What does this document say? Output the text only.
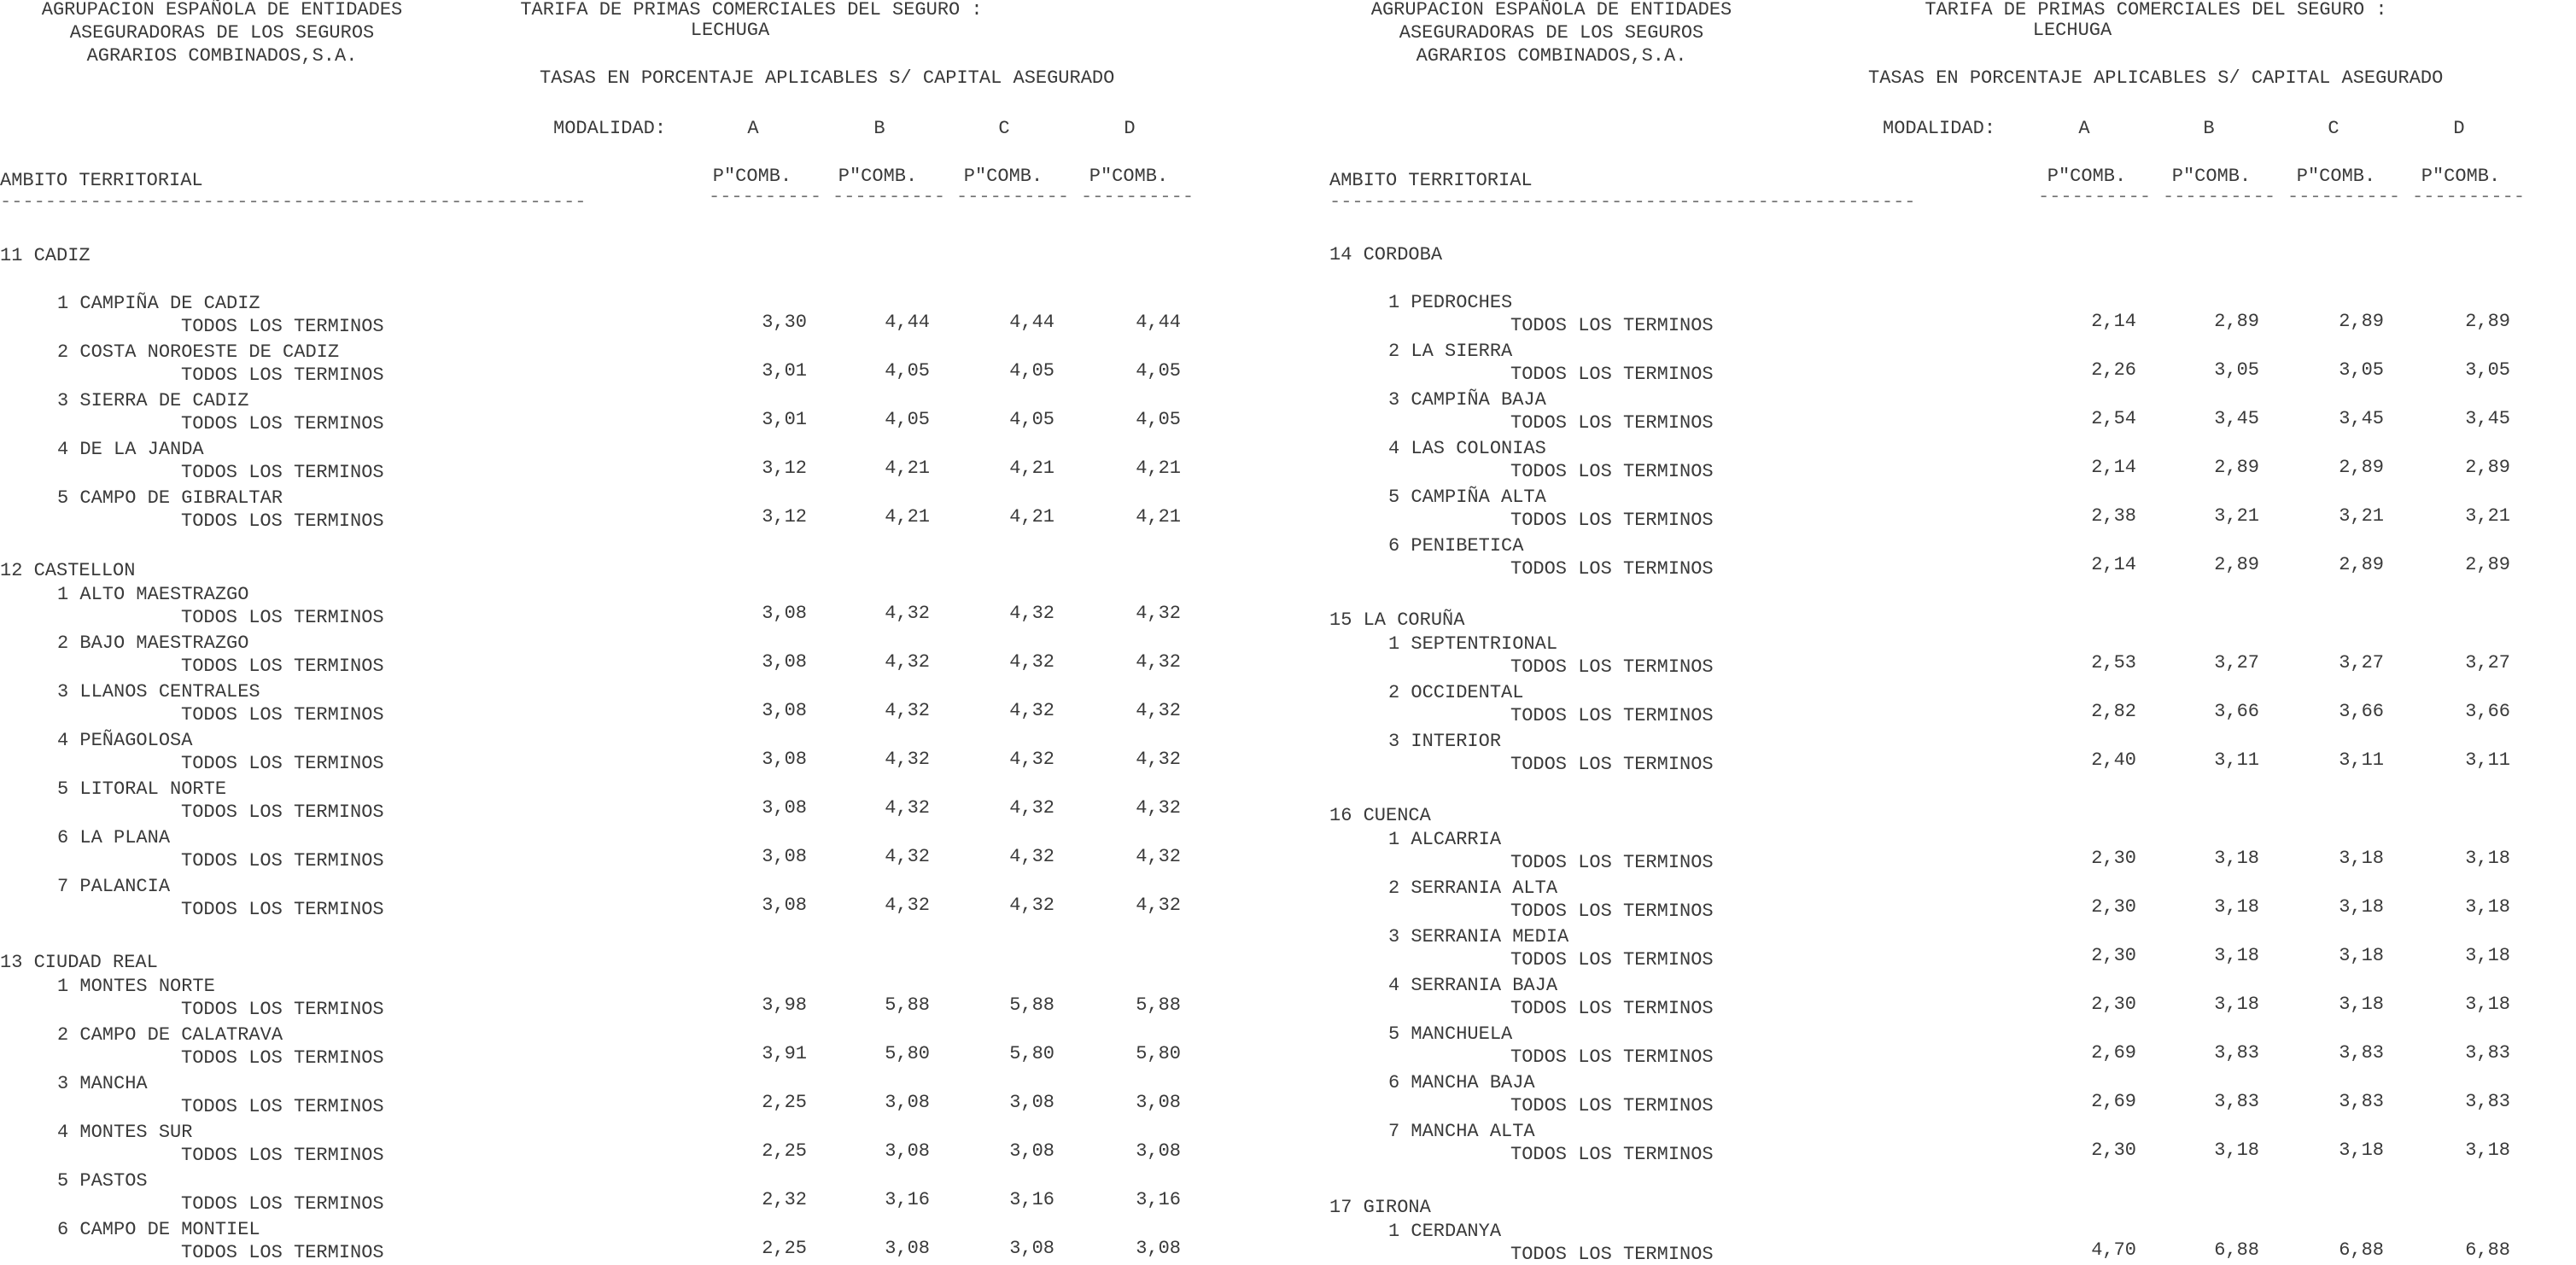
AGRUPACION ESPAÑOLA DE ENTIDADES
ASEGURADORAS DE LOS SEGUROS
AGRARIOS COMBINADOS,S.A.
TARIFA DE PRIMAS COMERCIALES DEL SEGURO :
LECHUGA
TASAS EN PORCENTAJE APLICABLES S/ CAPITAL ASEGURADO
MODALIDAD:	A	B	C	D
AMBITO TERRITORIAL	P"COMB.	P"COMB.	P"COMB.	P"COMB.
----------------------------------------------------	---------- ---------- ---------- ----------
11 CADIZ
1 CAMPIÑA DE CADIZ
TODOS LOS TERMINOS	3,30	4,44	4,44	4,44
2 COSTA NOROESTE DE CADIZ
TODOS LOS TERMINOS	3,01	4,05	4,05	4,05
3 SIERRA DE CADIZ
TODOS LOS TERMINOS	3,01	4,05	4,05	4,05
4 DE LA JANDA
TODOS LOS TERMINOS	3,12	4,21	4,21	4,21
5 CAMPO DE GIBRALTAR
TODOS LOS TERMINOS	3,12	4,21	4,21	4,21
12 CASTELLON
1 ALTO MAESTRAZGO
TODOS LOS TERMINOS	3,08	4,32	4,32	4,32
2 BAJO MAESTRAZGO
TODOS LOS TERMINOS	3,08	4,32	4,32	4,32
3 LLANOS CENTRALES
TODOS LOS TERMINOS	3,08	4,32	4,32	4,32
4 PEÑAGOLOSA
TODOS LOS TERMINOS	3,08	4,32	4,32	4,32
5 LITORAL NORTE
TODOS LOS TERMINOS	3,08	4,32	4,32	4,32
6 LA PLANA
TODOS LOS TERMINOS	3,08	4,32	4,32	4,32
7 PALANCIA
TODOS LOS TERMINOS	3,08	4,32	4,32	4,32
13 CIUDAD REAL
1 MONTES NORTE
TODOS LOS TERMINOS	3,98	5,88	5,88	5,88
2 CAMPO DE CALATRAVA
TODOS LOS TERMINOS	3,91	5,80	5,80	5,80
3 MANCHA
TODOS LOS TERMINOS	2,25	3,08	3,08	3,08
4 MONTES SUR
TODOS LOS TERMINOS	2,25	3,08	3,08	3,08
5 PASTOS
TODOS LOS TERMINOS	2,32	3,16	3,16	3,16
6 CAMPO DE MONTIEL
TODOS LOS TERMINOS	2,25	3,08	3,08	3,08
AGRUPACION ESPAÑOLA DE ENTIDADES
ASEGURADORAS DE LOS SEGUROS
AGRARIOS COMBINADOS,S.A.
TARIFA DE PRIMAS COMERCIALES DEL SEGURO :
LECHUGA
TASAS EN PORCENTAJE APLICABLES S/ CAPITAL ASEGURADO
MODALIDAD:	A	B	C	D
AMBITO TERRITORIAL	P"COMB.	P"COMB.	P"COMB.	P"COMB.
----------------------------------------------------	---------- ---------- ---------- ----------
14 CORDOBA
1 PEDROCHES
TODOS LOS TERMINOS	2,14	2,89	2,89	2,89
2 LA SIERRA
TODOS LOS TERMINOS	2,26	3,05	3,05	3,05
3 CAMPIÑA BAJA
TODOS LOS TERMINOS	2,54	3,45	3,45	3,45
4 LAS COLONIAS
TODOS LOS TERMINOS	2,14	2,89	2,89	2,89
5 CAMPIÑA ALTA
TODOS LOS TERMINOS	2,38	3,21	3,21	3,21
6 PENIBETICA
TODOS LOS TERMINOS	2,14	2,89	2,89	2,89
15 LA CORUÑA
1 SEPTENTRIONAL
TODOS LOS TERMINOS	2,53	3,27	3,27	3,27
2 OCCIDENTAL
TODOS LOS TERMINOS	2,82	3,66	3,66	3,66
3 INTERIOR
TODOS LOS TERMINOS	2,40	3,11	3,11	3,11
16 CUENCA
1 ALCARRIA
TODOS LOS TERMINOS	2,30	3,18	3,18	3,18
2 SERRANIA ALTA
TODOS LOS TERMINOS	2,30	3,18	3,18	3,18
3 SERRANIA MEDIA
TODOS LOS TERMINOS	2,30	3,18	3,18	3,18
4 SERRANIA BAJA
TODOS LOS TERMINOS	2,30	3,18	3,18	3,18
5 MANCHUELA
TODOS LOS TERMINOS	2,69	3,83	3,83	3,83
6 MANCHA BAJA
TODOS LOS TERMINOS	2,69	3,83	3,83	3,83
7 MANCHA ALTA
TODOS LOS TERMINOS	2,30	3,18	3,18	3,18
17 GIRONA
1 CERDANYA
TODOS LOS TERMINOS	4,70	6,88	6,88	6,88
